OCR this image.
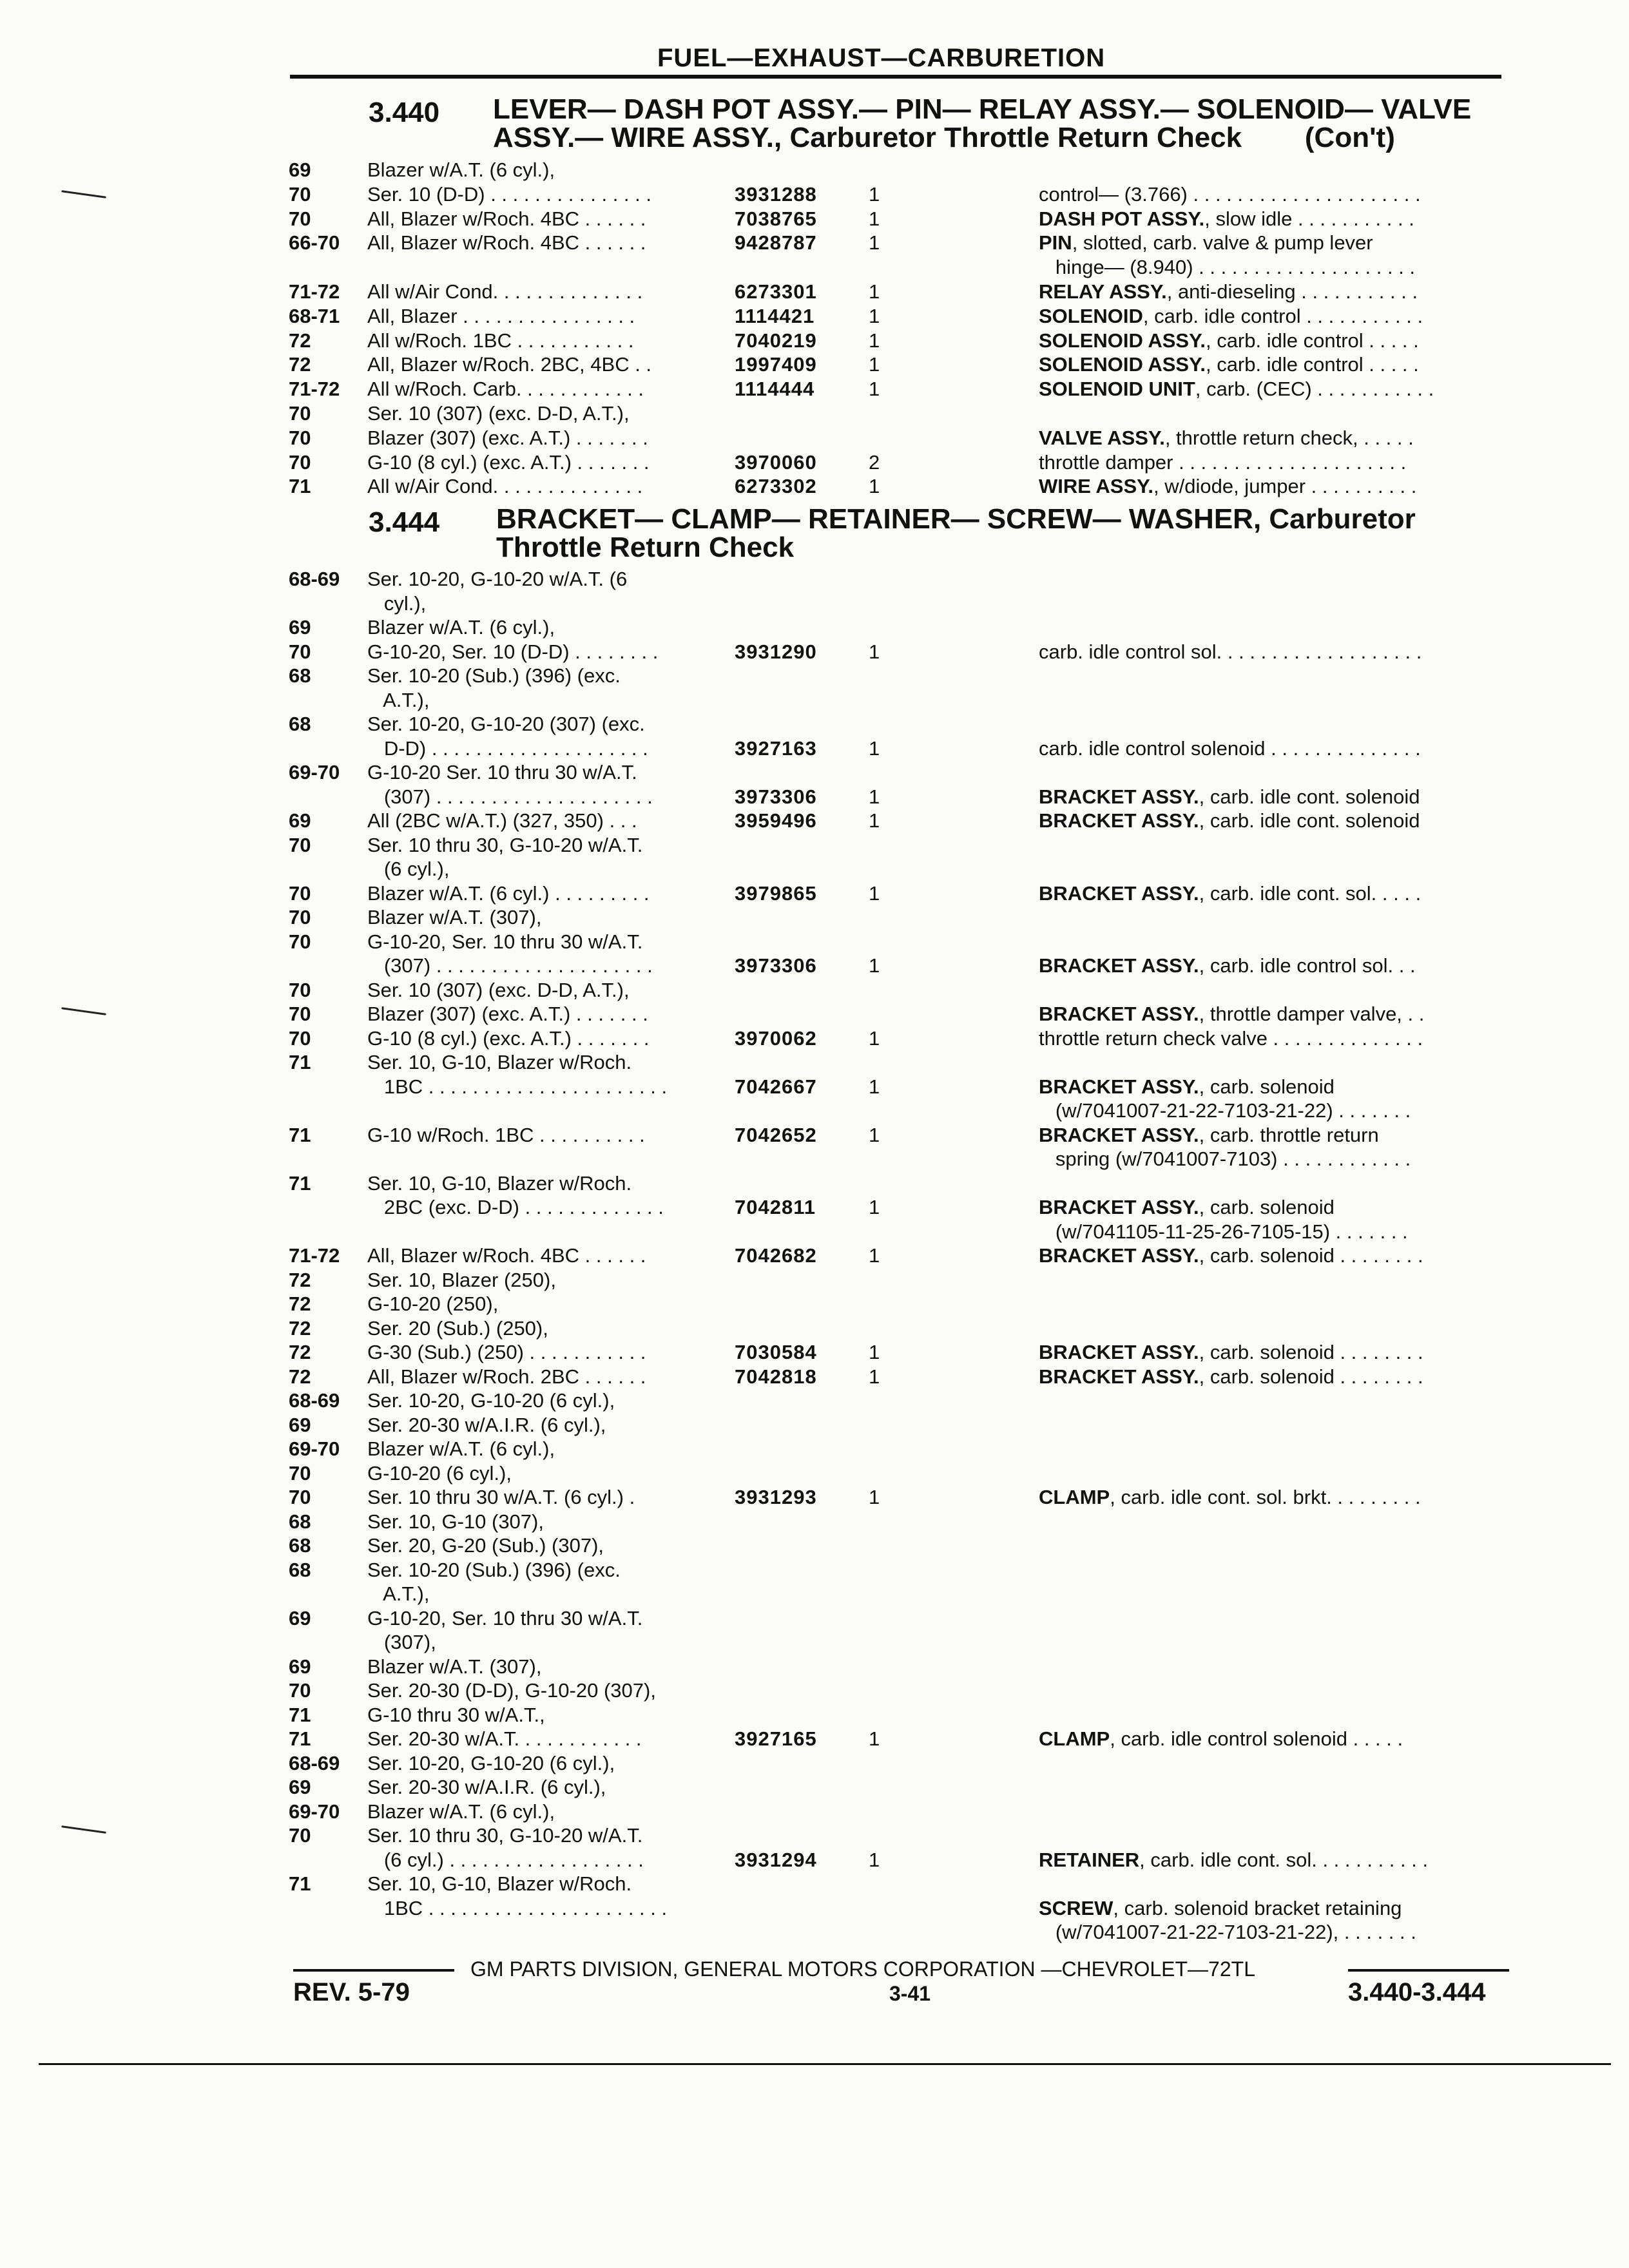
FUEL—EXHAUST—CARBURETION
3.440 LEVER— DASH POT ASSY.— PIN— RELAY ASSY.— SOLENOID— VALVE
ASSY.— WIRE ASSY., Carburetor Throttle Return Check        (Con't)
69	Blazer w/A.T. (6 cyl.),
70	Ser. 10 (D-D) . . . . . . . . . . . . . . .	3931288	1	control— (3.766) . . . . . . . . . . . . . . . . . . . . .
70	All, Blazer w/Roch. 4BC . . . . . .	7038765	1	DASH POT ASSY., slow idle . . . . . . . . . . .
66-70 All, Blazer w/Roch. 4BC . . . . . .	9428787	1	PIN, slotted, carb. valve & pump lever
hinge— (8.940) . . . . . . . . . . . . . . . . . . . .
71-72 All w/Air Cond. . . . . . . . . . . . . .	6273301	1	RELAY ASSY., anti-dieseling . . . . . . . . . . .
68-71 All, Blazer . . . . . . . . . . . . . . . .	1114421	1	SOLENOID, carb. idle control . . . . . . . . . . .
72	All w/Roch. 1BC . . . . . . . . . . .	7040219	1	SOLENOID ASSY., carb. idle control . . . . .
72	All, Blazer w/Roch. 2BC, 4BC . .	1997409	1	SOLENOID ASSY., carb. idle control . . . . .
71-72 All w/Roch. Carb. . . . . . . . . . . .	1114444	1	SOLENOID UNIT, carb. (CEC) . . . . . . . . . . .
70	Ser. 10 (307) (exc. D-D, A.T.),
70	Blazer (307) (exc. A.T.) . . . . . . .	VALVE ASSY., throttle return check, . . . . .
70	G-10 (8 cyl.) (exc. A.T.) . . . . . . .	3970060	2	throttle damper . . . . . . . . . . . . . . . . . . . . .
71	All w/Air Cond. . . . . . . . . . . . . .	6273302	1	WIRE ASSY., w/diode, jumper . . . . . . . . . .
3.444 BRACKET— CLAMP— RETAINER— SCREW— WASHER, Carburetor
Throttle Return Check
68-69 Ser. 10-20, G-10-20 w/A.T. (6
cyl.),
69	Blazer w/A.T. (6 cyl.),
70	G-10-20, Ser. 10 (D-D) . . . . . . . .	3931290	1	carb. idle control sol. . . . . . . . . . . . . . . . . . .
68	Ser. 10-20 (Sub.) (396) (exc.
A.T.),
68	Ser. 10-20, G-10-20 (307) (exc.
D-D) . . . . . . . . . . . . . . . . . . . .	3927163	1	carb. idle control solenoid . . . . . . . . . . . . . .
69-70 G-10-20 Ser. 10 thru 30 w/A.T.
(307) . . . . . . . . . . . . . . . . . . . .	3973306	1	BRACKET ASSY., carb. idle cont. solenoid
69	All (2BC w/A.T.) (327, 350) . . .	3959496	1	BRACKET ASSY., carb. idle cont. solenoid
70	Ser. 10 thru 30, G-10-20 w/A.T.
(6 cyl.),
70	Blazer w/A.T. (6 cyl.) . . . . . . . . .	3979865	1	BRACKET ASSY., carb. idle cont. sol. . . . .
70	Blazer w/A.T. (307),
70	G-10-20, Ser. 10 thru 30 w/A.T.
(307) . . . . . . . . . . . . . . . . . . . .	3973306	1	BRACKET ASSY., carb. idle control sol. . .
70	Ser. 10 (307) (exc. D-D, A.T.),
70	Blazer (307) (exc. A.T.) . . . . . . .	BRACKET ASSY., throttle damper valve, . .
70	G-10 (8 cyl.) (exc. A.T.) . . . . . . .	3970062	1	throttle return check valve . . . . . . . . . . . . . .
71	Ser. 10, G-10, Blazer w/Roch.
1BC . . . . . . . . . . . . . . . . . . . . . .	7042667	1	BRACKET ASSY., carb. solenoid
(w/7041007-21-22-7103-21-22) . . . . . . .
71	G-10 w/Roch. 1BC . . . . . . . . . .	7042652	1	BRACKET ASSY., carb. throttle return
spring (w/7041007-7103) . . . . . . . . . . . .
71	Ser. 10, G-10, Blazer w/Roch.
2BC (exc. D-D) . . . . . . . . . . . . .	7042811	1	BRACKET ASSY., carb. solenoid
(w/7041105-11-25-26-7105-15) . . . . . . .
71-72 All, Blazer w/Roch. 4BC . . . . . .	7042682	1	BRACKET ASSY., carb. solenoid . . . . . . . .
72	Ser. 10, Blazer (250),
72	G-10-20 (250),
72	Ser. 20 (Sub.) (250),
72	G-30 (Sub.) (250) . . . . . . . . . . .	7030584	1	BRACKET ASSY., carb. solenoid . . . . . . . .
72	All, Blazer w/Roch. 2BC . . . . . .	7042818	1	BRACKET ASSY., carb. solenoid . . . . . . . .
68-69 Ser. 10-20, G-10-20 (6 cyl.),
69	Ser. 20-30 w/A.I.R. (6 cyl.),
69-70 Blazer w/A.T. (6 cyl.),
70	G-10-20 (6 cyl.),
70	Ser. 10 thru 30 w/A.T. (6 cyl.) .	3931293	1	CLAMP, carb. idle cont. sol. brkt. . . . . . . . .
68	Ser. 10, G-10 (307),
68	Ser. 20, G-20 (Sub.) (307),
68	Ser. 10-20 (Sub.) (396) (exc.
A.T.),
69	G-10-20, Ser. 10 thru 30 w/A.T.
(307),
69	Blazer w/A.T. (307),
70	Ser. 20-30 (D-D), G-10-20 (307),
71	G-10 thru 30 w/A.T.,
71	Ser. 20-30 w/A.T. . . . . . . . . . . .	3927165	1	CLAMP, carb. idle control solenoid . . . . .
68-69 Ser. 10-20, G-10-20 (6 cyl.),
69	Ser. 20-30 w/A.I.R. (6 cyl.),
69-70 Blazer w/A.T. (6 cyl.),
70	Ser. 10 thru 30, G-10-20 w/A.T.
(6 cyl.) . . . . . . . . . . . . . . . . . .	3931294	1	RETAINER, carb. idle cont. sol. . . . . . . . . . .
71	Ser. 10, G-10, Blazer w/Roch.
1BC . . . . . . . . . . . . . . . . . . . . . .	SCREW, carb. solenoid bracket retaining
(w/7041007-21-22-7103-21-22), . . . . . . .
GM PARTS DIVISION, GENERAL MOTORS CORPORATION —CHEVROLET—72TL
REV. 5-79	3-41	3.440-3.444
